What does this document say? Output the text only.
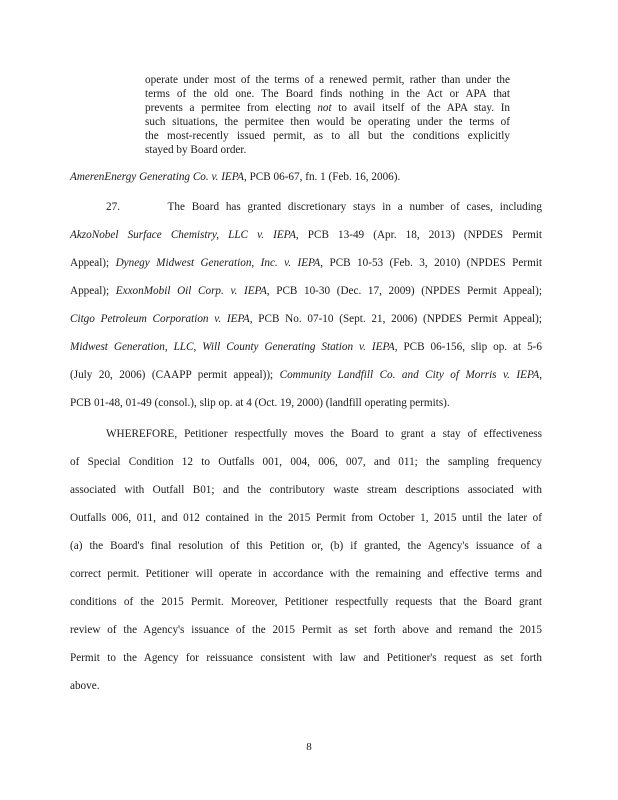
operate under most of the terms of a renewed permit, rather than under the
terms of the old one. The Board finds nothing in the Act or APA that
prevents a permitee from electing not to avail itself of the APA stay. In
such situations, the permitee then would be operating under the terms of
the most-recently issued permit, as to all but the conditions explicitly
stayed by Board order.
AmerenEnergy Generating Co. v. IEPA, PCB 06-67, fn. 1 (Feb. 16, 2006).
27.	The Board has granted discretionary stays in a number of cases, including
AkzoNobel Surface Chemistry, LLC v. IEPA, PCB 13-49 (Apr. 18, 2013) (NPDES Permit
Appeal); Dynegy Midwest Generation, Inc. v. IEPA, PCB 10-53 (Feb. 3, 2010) (NPDES Permit
Appeal); ExxonMobil Oil Corp. v. IEPA, PCB 10-30 (Dec. 17, 2009) (NPDES Permit Appeal);
Citgo Petroleum Corporation v. IEPA, PCB No. 07-10 (Sept. 21, 2006) (NPDES Permit Appeal);
Midwest Generation, LLC, Will County Generating Station v. IEPA, PCB 06-156, slip op. at 5-6
(July 20, 2006) (CAAPP permit appeal)); Community Landfill Co. and City of Morris v. IEPA,
PCB 01-48, 01-49 (consol.), slip op. at 4 (Oct. 19, 2000) (landfill operating permits).
WHEREFORE, Petitioner respectfully moves the Board to grant a stay of effectiveness
of Special Condition 12 to Outfalls 001, 004, 006, 007, and 011; the sampling frequency
associated with Outfall B01; and the contributory waste stream descriptions associated with
Outfalls 006, 011, and 012 contained in the 2015 Permit from October 1, 2015 until the later of
(a) the Board's final resolution of this Petition or, (b) if granted, the Agency's issuance of a
correct permit. Petitioner will operate in accordance with the remaining and effective terms and
conditions of the 2015 Permit. Moreover, Petitioner respectfully requests that the Board grant
review of the Agency's issuance of the 2015 Permit as set forth above and remand the 2015
Permit to the Agency for reissuance consistent with law and Petitioner's request as set forth
above.
8
